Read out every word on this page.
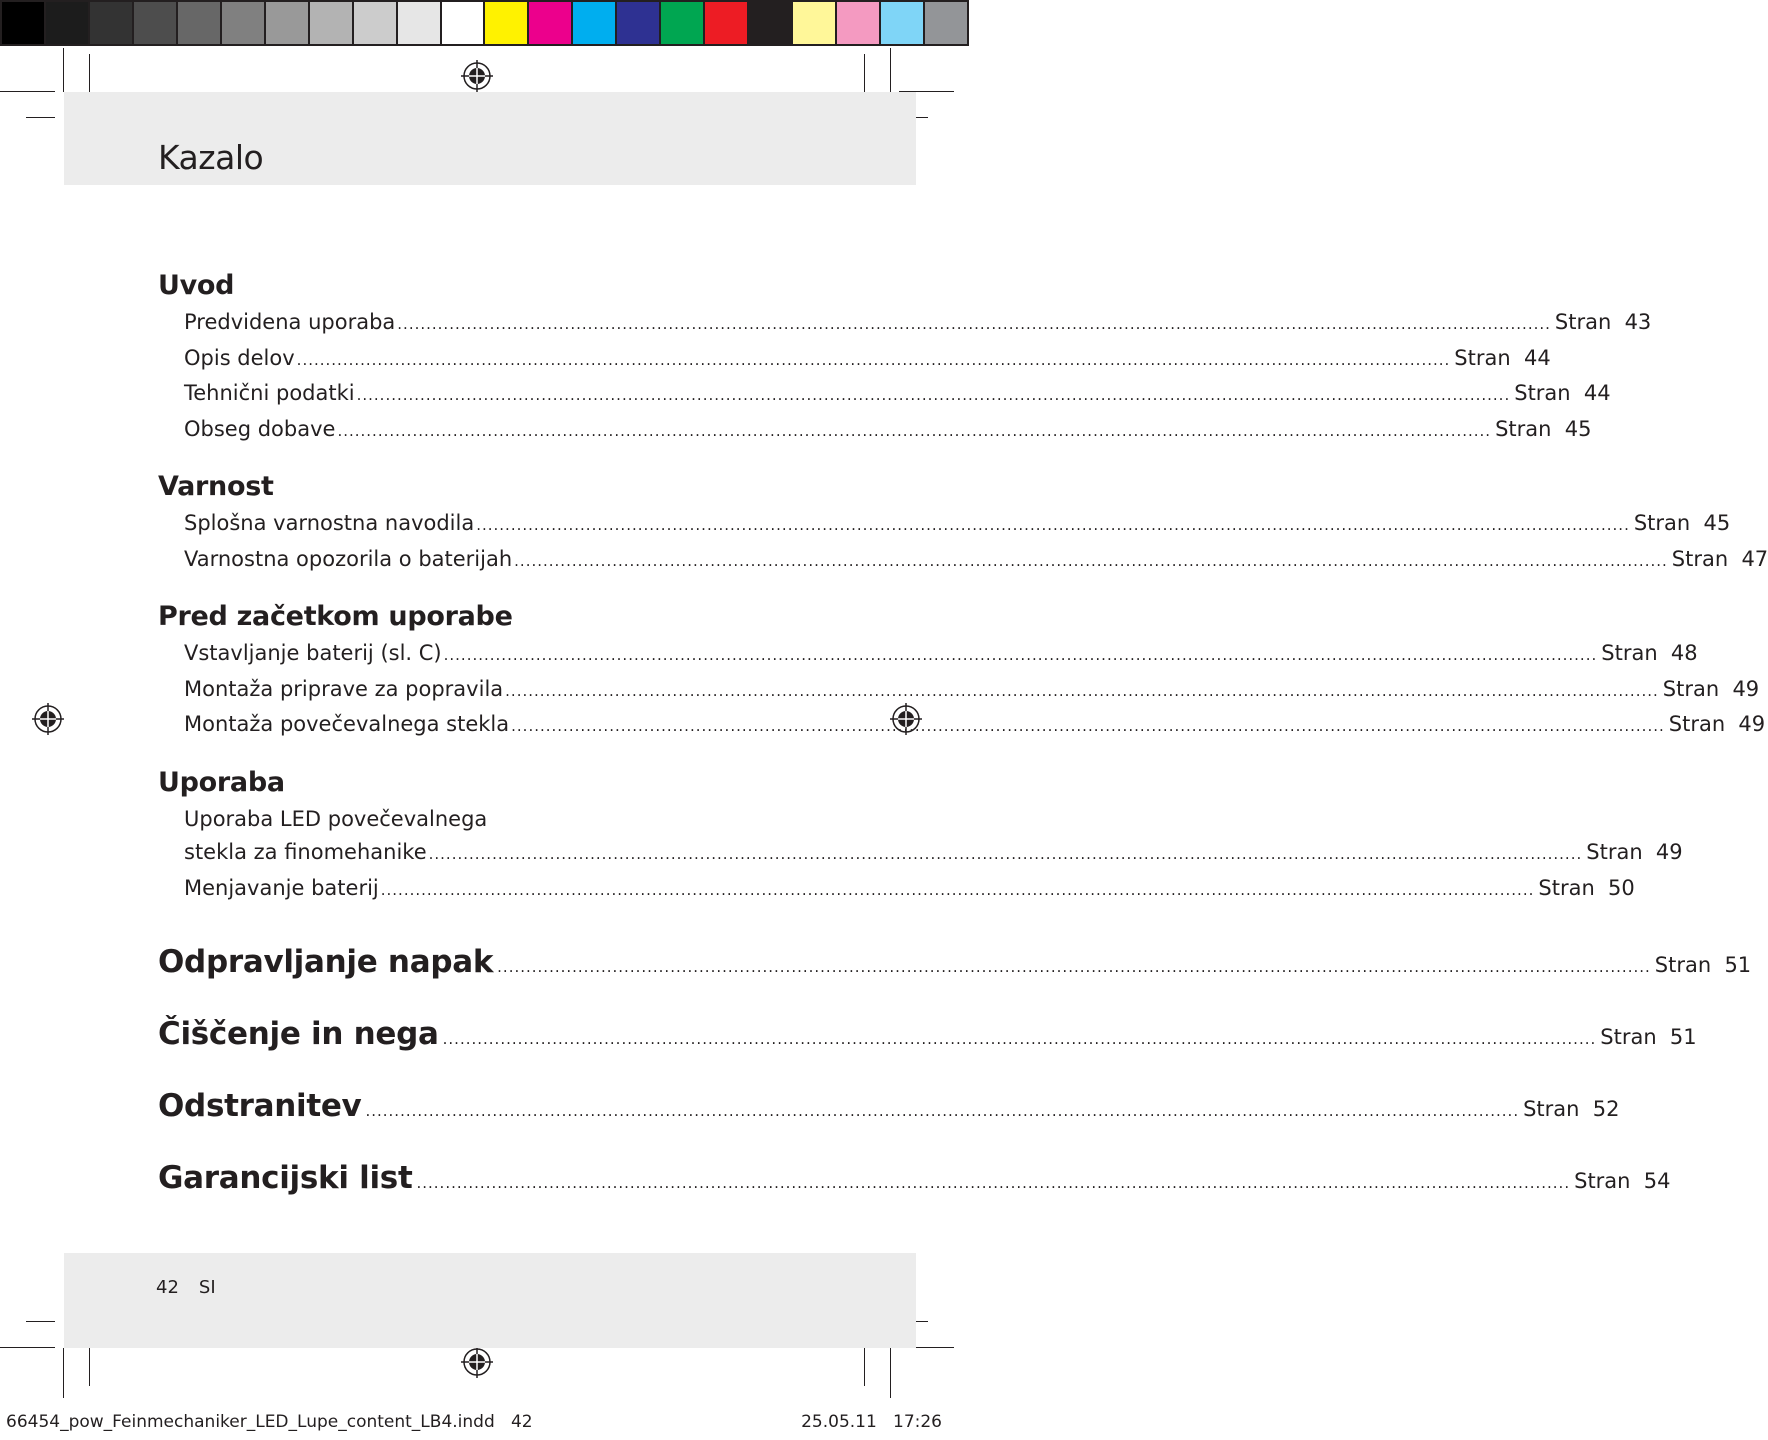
Kazalo
Uvod
Predvidena uporaba ........................................................................................................................................................................................................ Stran 43
Opis delov ........................................................................................................................................................................................................ Stran 44
Tehnični podatki ........................................................................................................................................................................................................ Stran 44
Obseg dobave ........................................................................................................................................................................................................ Stran 45
Varnost
Splošna varnostna navodila ........................................................................................................................................................................................................ Stran 45
Varnostna opozorila o baterijah ........................................................................................................................................................................................................ Stran 47
Pred začetkom uporabe
Vstavljanje baterij (sl. C) ........................................................................................................................................................................................................ Stran 48
Montaža priprave za popravila ........................................................................................................................................................................................................ Stran 49
Montaža povečevalnega stekla ........................................................................................................................................................................................................ Stran 49
Uporaba
Uporaba LED povečevalnega
stekla za finomehanike ........................................................................................................................................................................................................ Stran 49
Menjavanje baterij ........................................................................................................................................................................................................ Stran 50
Odpravljanje napak ........................................................................................................................................................................................................ Stran 51
Čiščenje in nega ........................................................................................................................................................................................................ Stran 51
Odstranitev ........................................................................................................................................................................................................ Stran 52
Garancijski list ........................................................................................................................................................................................................ Stran 54
42 SI
66454_pow_Feinmechaniker_LED_Lupe_content_LB4.indd   42	25.05.11   17:26
